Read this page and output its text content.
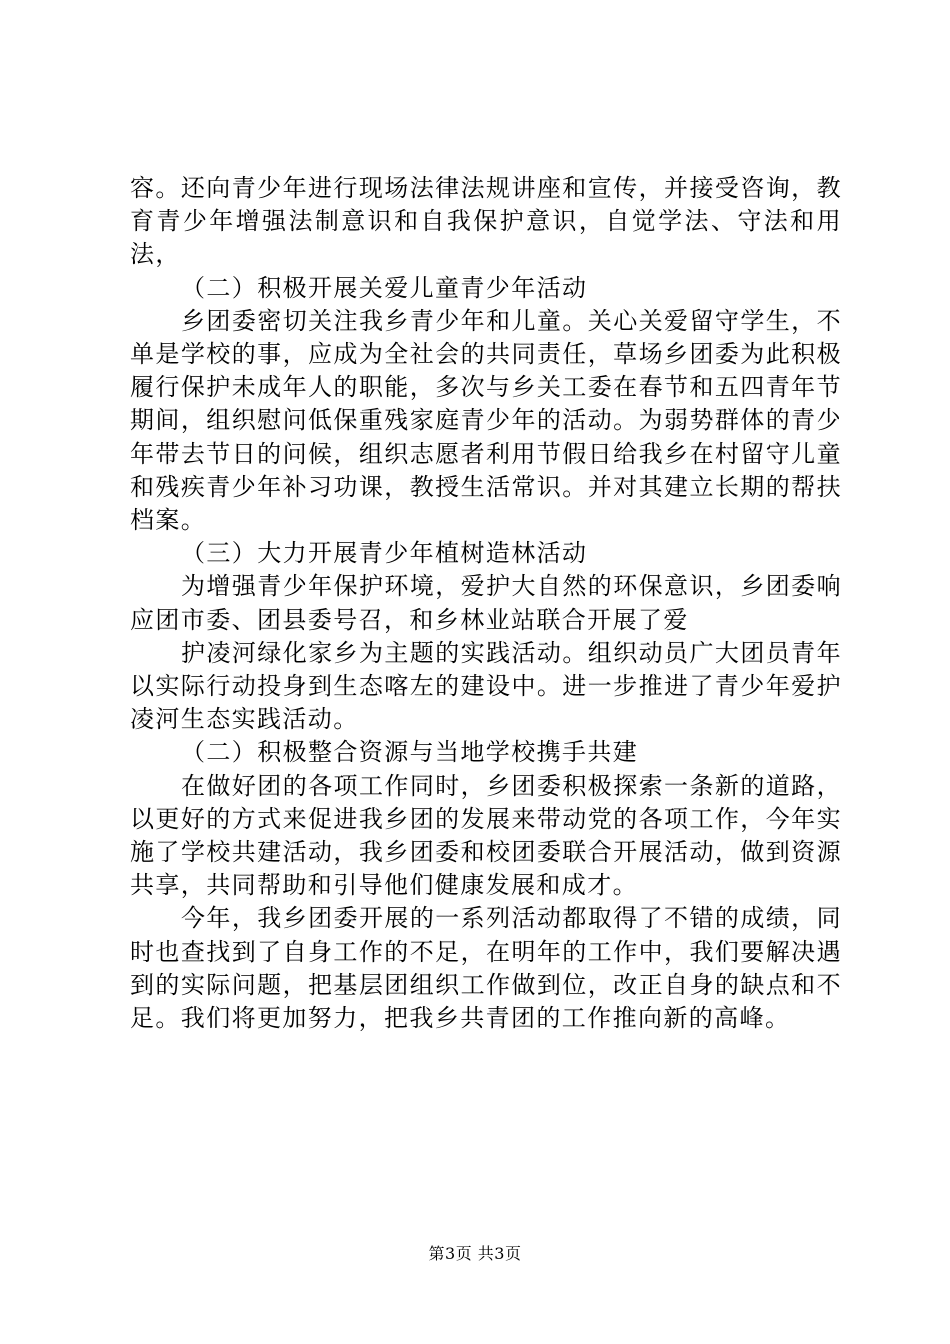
容。还向青少年进行现场法律法规讲座和宣传，并接受咨询，教育青少年增强法制意识和自我保护意识，自觉学法、守法和用法，

（二）积极开展关爱儿童青少年活动

乡团委密切关注我乡青少年和儿童。关心关爱留守学生，不单是学校的事，应成为全社会的共同责任，草场乡团委为此积极履行保护未成年人的职能，多次与乡关工委在春节和五四青年节期间，组织慰问低保重残家庭青少年的活动。为弱势群体的青少年带去节日的问候，组织志愿者利用节假日给我乡在村留守儿童和残疾青少年补习功课，教授生活常识。并对其建立长期的帮扶档案。

（三）大力开展青少年植树造林活动

为增强青少年保护环境，爱护大自然的环保意识，乡团委响应团市委、团县委号召，和乡林业站联合开展了爱

护凌河绿化家乡为主题的实践活动。组织动员广大团员青年以实际行动投身到生态喀左的建设中。进一步推进了青少年爱护凌河生态实践活动。

（二）积极整合资源与当地学校携手共建

在做好团的各项工作同时，乡团委积极探索一条新的道路，以更好的方式来促进我乡团的发展来带动党的各项工作，今年实施了学校共建活动，我乡团委和校团委联合开展活动，做到资源共享，共同帮助和引导他们健康发展和成才。

今年，我乡团委开展的一系列活动都取得了不错的成绩，同时也查找到了自身工作的不足，在明年的工作中，我们要解决遇到的实际问题，把基层团组织工作做到位，改正自身的缺点和不足。我们将更加努力，把我乡共青团的工作推向新的高峰。

第3页 共3页
